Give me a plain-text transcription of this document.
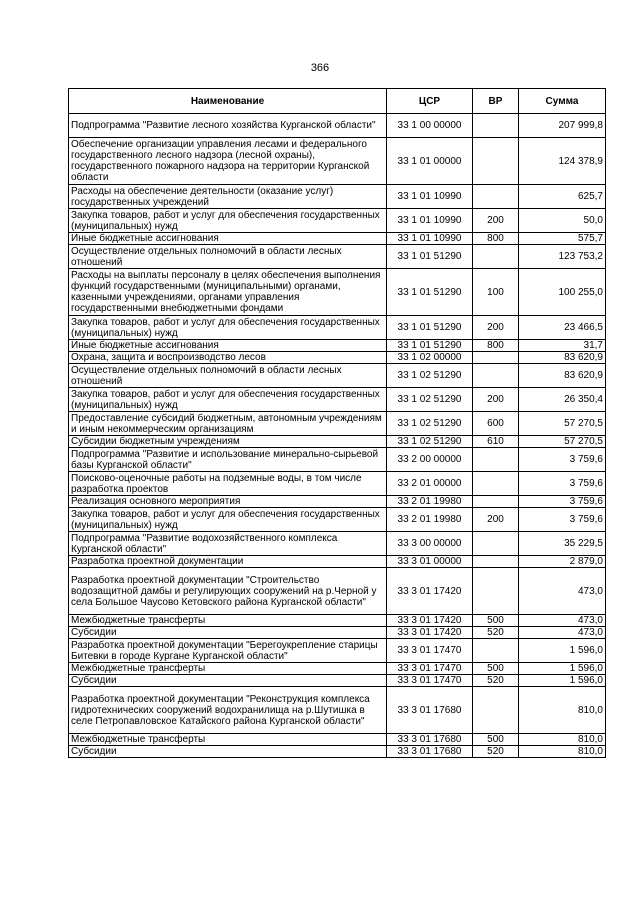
366
Наименование	ЦСР	ВР	Сумма
Подпрограмма "Развитие лесного хозяйства Курганской области"	33 1 00 00000		207 999,8
Обеспечение организации управления лесами и федерального государственного лесного надзора (лесной охраны), государственного пожарного надзора на территории Курганской области	33 1 01 00000		124 378,9
Расходы на обеспечение деятельности (оказание услуг) государственных учреждений	33 1 01 10990		625,7
Закупка товаров, работ и услуг для обеспечения государственных (муниципальных) нужд	33 1 01 10990	200	50,0
Иные бюджетные ассигнования	33 1 01 10990	800	575,7
Осуществление отдельных полномочий в области лесных отношений	33 1 01 51290		123 753,2
Расходы на выплаты персоналу в целях обеспечения выполнения функций государственными (муниципальными) органами, казенными учреждениями, органами управления государственными внебюджетными фондами	33 1 01 51290	100	100 255,0
Закупка товаров, работ и услуг для обеспечения государственных (муниципальных) нужд	33 1 01 51290	200	23 466,5
Иные бюджетные ассигнования	33 1 01 51290	800	31,7
Охрана, защита и воспроизводство лесов	33 1 02 00000		83 620,9
Осуществление отдельных полномочий в области лесных отношений	33 1 02 51290		83 620,9
Закупка товаров, работ и услуг для обеспечения государственных (муниципальных) нужд	33 1 02 51290	200	26 350,4
Предоставление субсидий бюджетным, автономным учреждениям и иным некоммерческим организациям	33 1 02 51290	600	57 270,5
Субсидии бюджетным учреждениям	33 1 02 51290	610	57 270,5
Подпрограмма "Развитие и использование минерально-сырьевой базы Курганской области"	33 2 00 00000		3 759,6
Поисково-оценочные работы на подземные воды, в том числе разработка проектов	33 2 01 00000		3 759,6
Реализация основного мероприятия	33 2 01 19980		3 759,6
Закупка товаров, работ и услуг для обеспечения государственных (муниципальных) нужд	33 2 01 19980	200	3 759,6
Подпрограмма "Развитие водохозяйственного комплекса Курганской области"	33 3 00 00000		35 229,5
Разработка проектной документации	33 3 01 00000		2 879,0
Разработка проектной документации "Строительство водозащитной дамбы и регулирующих сооружений на р.Черной у села Большое Чаусово Кетовского района Курганской области"	33 3 01 17420		473,0
Межбюджетные трансферты	33 3 01 17420	500	473,0
Субсидии	33 3 01 17420	520	473,0
Разработка проектной документации "Берегоукрепление старицы Битевки в городе Кургане Курганской области"	33 3 01 17470		1 596,0
Межбюджетные трансферты	33 3 01 17470	500	1 596,0
Субсидии	33 3 01 17470	520	1 596,0
Разработка проектной документации "Реконструкция комплекса гидротехнических сооружений водохранилища на р.Шутишка в селе Петропавловское Катайского района Курганской области"	33 3 01 17680		810,0
Межбюджетные трансферты	33 3 01 17680	500	810,0
Субсидии	33 3 01 17680	520	810,0
